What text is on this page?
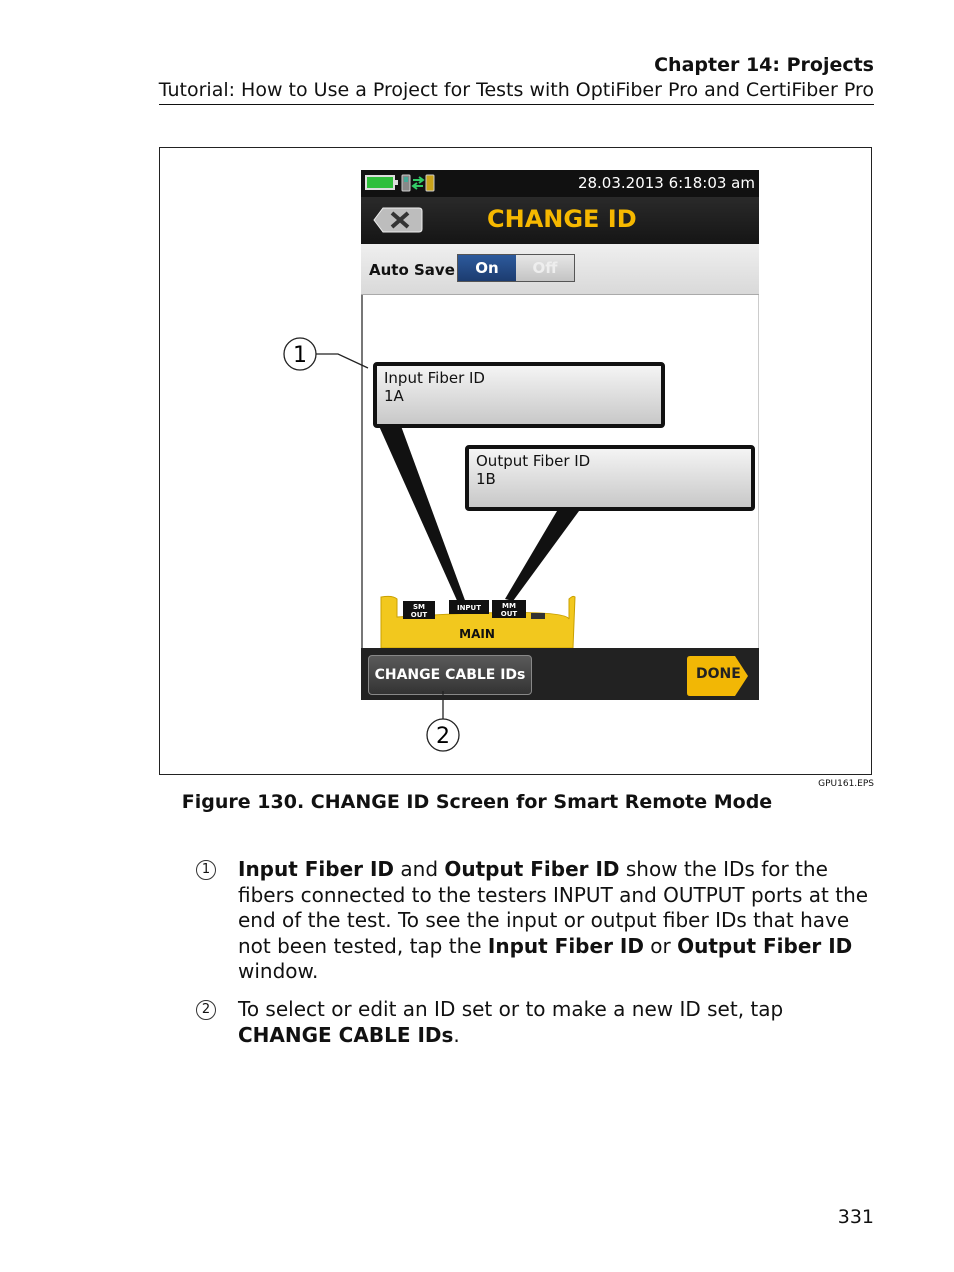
Chapter 14: Projects
Tutorial: How to Use a Project for Tests with OptiFiber Pro and CertiFiber Pro
28.03.2013 6:18:03 am
CHANGE ID
Auto Save	On	Off
SM
OUT
INPUT	MM
OUT
MAIN
Input Fiber ID
1A
Output Fiber ID
1B
CHANGE CABLE IDs	DONE
1
2
GPU161.EPS
Figure 130. CHANGE ID Screen for Smart Remote Mode
1 Input Fiber ID and Output Fiber ID show the IDs for the fibers connected to the testers INPUT and OUTPUT ports at the end of the test. To see the input or output fiber IDs that have not been tested, tap the Input Fiber ID or Output Fiber ID window.
2 To select or edit an ID set or to make a new ID set, tap CHANGE CABLE IDs.
331
